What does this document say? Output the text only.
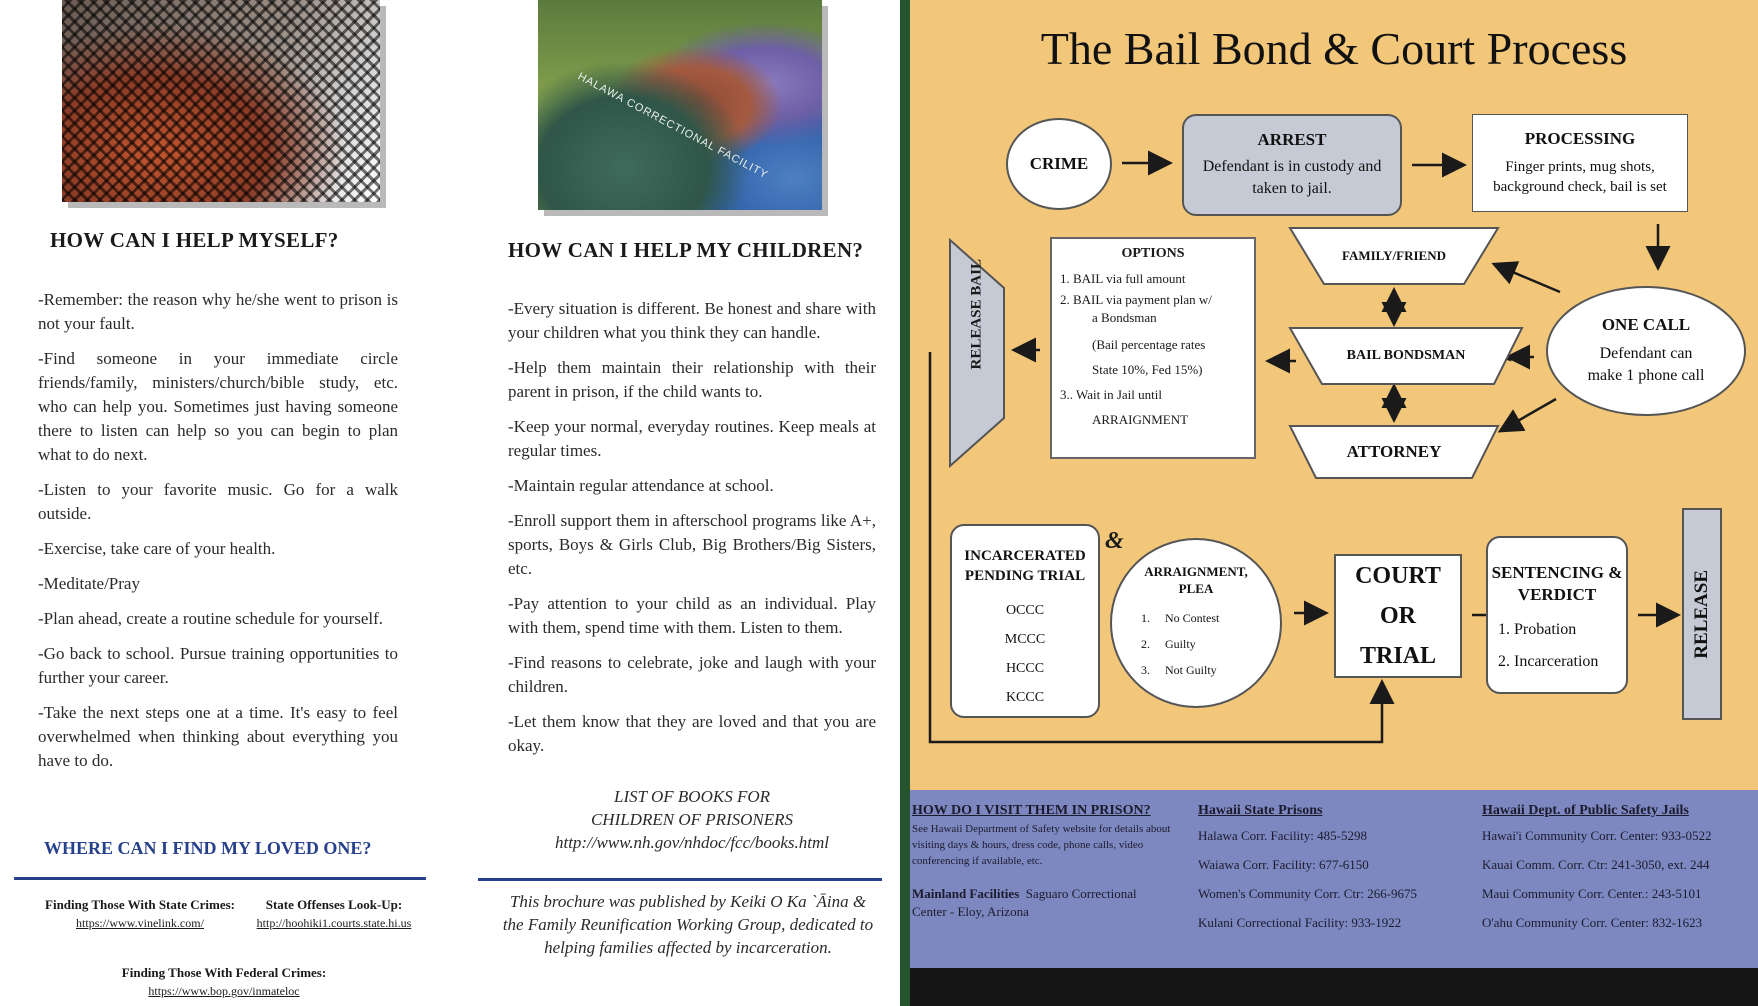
HOW CAN I HELP MYSELF?

-Remember: the reason why he/she went to prison is not your fault.

-Find someone in your immediate circle friends/family, ministers/church/bible study, etc. who can help you. Sometimes just having someone there to listen can help so you can begin to plan what to do next.

-Listen to your favorite music. Go for a walk outside.

-Exercise, take care of your health.

-Meditate/Pray

-Plan ahead, create a routine schedule for yourself.

-Go back to school. Pursue training opportunities to further your career.

-Take the next steps one at a time. It's easy to feel overwhelmed when thinking about everything you have to do.

WHERE CAN I FIND MY LOVED ONE?
Finding Those With State Crimes:
https://www.vinelink.com/
State Offenses Look-Up:
http://hoohiki1.courts.state.hi.us
Finding Those With Federal Crimes:
https://www.bop.gov/inmateloc
HALAWA CORRECTIONAL FACILITY
HOW CAN I HELP MY CHILDREN?

-Every situation is different. Be honest and share with your children what you think they can handle.

-Help them maintain their relationship with their parent in prison, if the child wants to.

-Keep your normal, everyday routines. Keep meals at regular times.

-Maintain regular attendance at school.

-Enroll support them in afterschool programs like A+, sports, Boys & Girls Club, Big Brothers/Big Sisters, etc.

-Pay attention to your child as an individual. Play with them, spend time with them. Listen to them.

-Find reasons to celebrate, joke and laugh with your children.

-Let them know that they are loved and that you are okay.

LIST OF BOOKS FOR
CHILDREN OF PRISONERS
http://www.nh.gov/nhdoc/fcc/books.html
This brochure was published by Keiki O Ka `Āina & the Family Reunification Working Group, dedicated to helping families affected by incarceration.
The Bail Bond & Court Process
CRIME
ARREST
Defendant is in custody and taken to jail.
PROCESSING
Finger prints, mug shots, background check, bail is set
ONE CALL
Defendant can make 1 phone call
FAMILY/FRIEND
BAIL BONDSMAN
ATTORNEY
OPTIONS
1. BAIL via full amount
2. BAIL via payment plan w/
a Bondsman
(Bail percentage rates
State 10%, Fed 15%)
3.. Wait in Jail until
ARRAIGNMENT
INCARCERATED PENDING TRIAL
OCCC
MCCC
HCCC
KCCC
&
ARRAIGNMENT, PLEA
1.     No Contest
2.     Guilty
3.     Not Guilty
COURT
OR
TRIAL
SENTENCING & VERDICT
1. Probation
2. Incarceration
RELEASE
HOW DO I VISIT THEM IN PRISON?
See Hawaii Department of Safety website for details about visiting days & hours, dress code, phone calls, video conferencing if available, etc.
Mainland Facilities Saguaro Correctional Center - Eloy, Arizona
Hawaii State Prisons
Halawa Corr. Facility: 485-5298
Waiawa Corr. Facility: 677-6150
Women's Community Corr. Ctr: 266-9675
Kulani Correctional Facility: 933-1922
Hawaii Dept. of Public Safety Jails
Hawai'i Community Corr. Center: 933-0522
Kauai Comm. Corr. Ctr: 241-3050, ext. 244
Maui Community Corr. Center.: 243-5101
O'ahu Community Corr. Center: 832-1623
